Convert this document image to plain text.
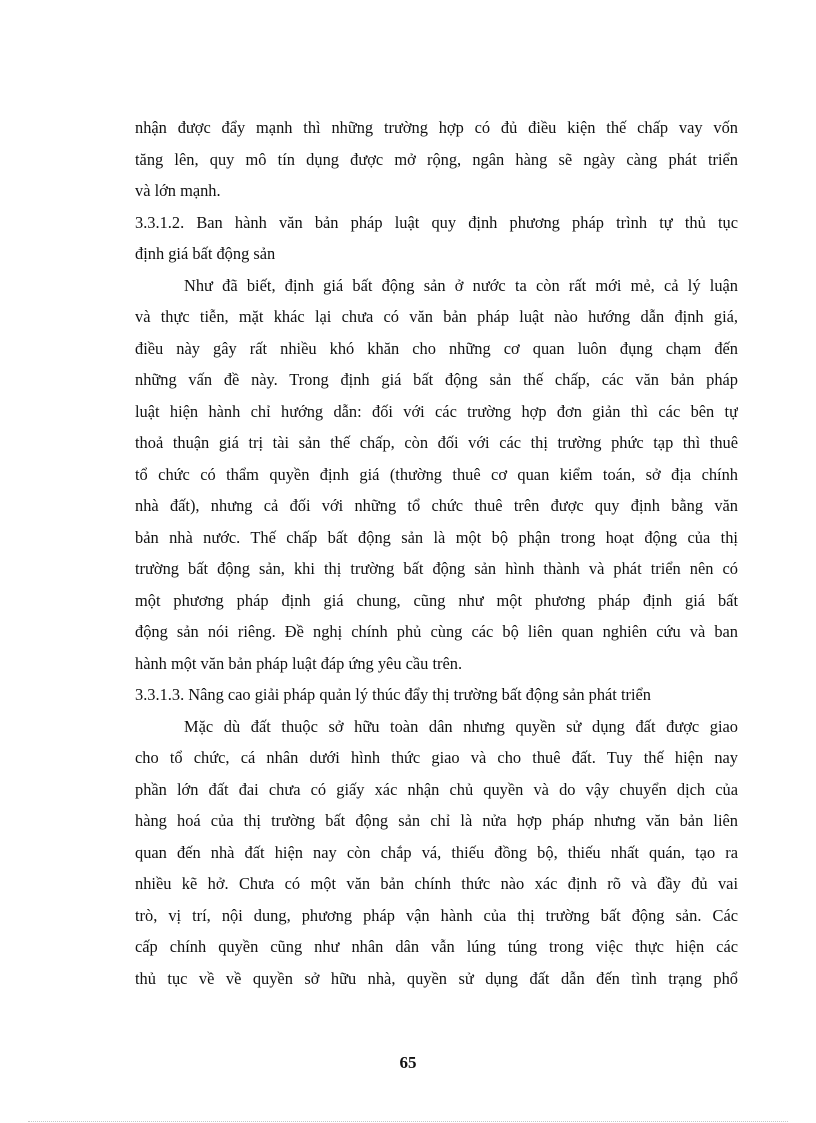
nhận được đẩy mạnh thì những trường hợp có đủ điều kiện thế chấp vay vốn
tăng lên, quy mô tín dụng được mở rộng, ngân hàng sẽ ngày càng phát triển
và lớn mạnh.
3.3.1.2. Ban hành văn bản pháp luật quy định phương pháp trình tự thủ tục
định giá bất động sản
Như đã biết, định giá bất động sản ở nước ta còn rất mới mẻ, cả lý luận
và thực tiễn, mặt khác lại chưa có văn bản pháp luật nào hướng dẫn định giá,
điều này gây rất nhiều khó khăn cho những cơ quan luôn đụng chạm đến
những vấn đề này. Trong định giá bất động sản thế chấp, các văn bản pháp
luật hiện hành chỉ hướng dẫn: đối với các trường hợp đơn giản thì các bên tự
thoả thuận giá trị tài sản thế chấp, còn đối với các thị trường phức tạp thì thuê
tổ chức có thẩm quyền định giá (thường thuê cơ quan kiểm toán, sở địa chính
nhà đất), nhưng cả đối với những tổ chức thuê trên được quy định bằng văn
bản nhà nước. Thế chấp bất động sản là một bộ phận trong hoạt động của thị
trường bất động sản, khi thị trường bất động sản hình thành và phát triển nên có
một phương pháp định giá chung, cũng như một phương pháp định giá bất
động sản nói riêng. Đề nghị chính phủ cùng các bộ liên quan nghiên cứu và ban
hành một văn bản pháp luật đáp ứng yêu cầu trên.
3.3.1.3. Nâng cao giải pháp quản lý thúc đẩy thị trường bất động sản phát triển
Mặc dù đất thuộc sở hữu toàn dân nhưng quyền sử dụng đất được giao
cho tổ chức, cá nhân dưới hình thức giao và cho thuê đất. Tuy thế hiện nay
phần lớn đất đai chưa có giấy xác nhận chủ quyền và do vậy chuyển dịch của
hàng hoá của thị trường bất động sản chỉ là nửa hợp pháp nhưng văn bản liên
quan đến nhà đất hiện nay còn chắp vá, thiếu đồng bộ, thiếu nhất quán, tạo ra
nhiều kẽ hở. Chưa có một văn bản chính thức nào xác định rõ và đầy đủ vai
trò, vị trí, nội dung, phương pháp vận hành của thị trường bất động sản. Các
cấp chính quyền cũng như nhân dân vẫn lúng túng trong việc thực hiện các
thủ tục về về quyền sở hữu nhà, quyền sử dụng đất dẫn đến tình trạng phổ
65
